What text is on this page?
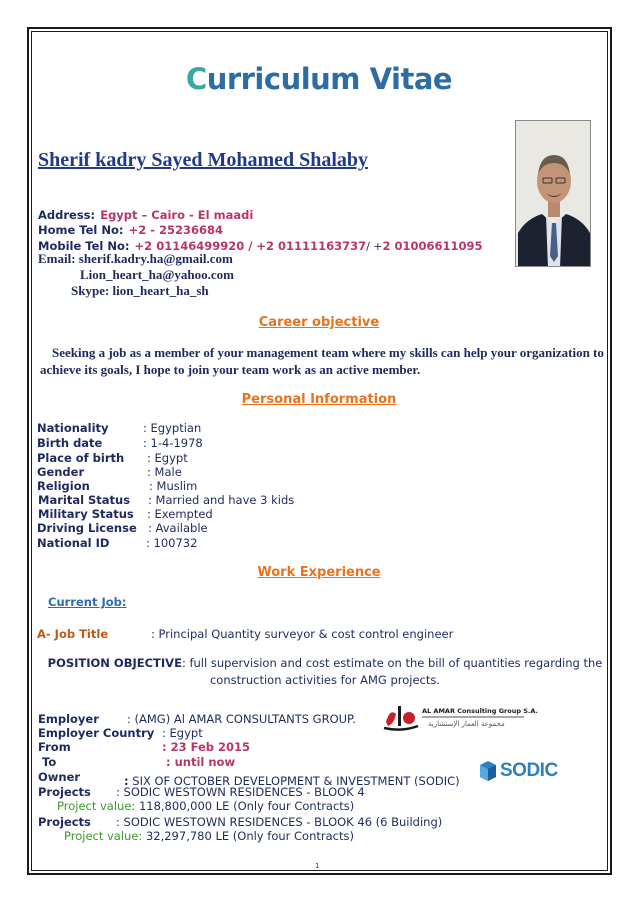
Curriculum Vitae
Sherif kadry Sayed Mohamed Shalaby
Address: Egypt – Cairo - El maadi
Home Tel No: +2 - 25236684
Mobile Tel No: +2 01146499920 / +2 01111163737/ +2 01006611095
Email: sherif.kadry.ha@gmail.com
Lion_heart_ha@yahoo.com
Skype: lion_heart_ha_sh
Career objective
Seeking a job as a member of your management team where my skills can help your organization to achieve its goals, I hope to join your team work as an active member.
Personal Information
Nationality	: Egyptian
Birth date	: 1-4-1978
Place of birth : Egypt
Gender	: Male
Religion	: Muslim
Marital Status : Married and have 3 kids
Military Status : Exempted
Driving License : Available
National ID	: 100732
Work Experience
Current Job:
A- Job Title	: Principal Quantity surveyor & cost control engineer
POSITION OBJECTIVE: full supervision and cost estimate on the bill of quantities regarding the construction activities for AMG projects.
Employer : (AMG) Al AMAR CONSULTANTS GROUP.
AL AMAR Consulting Group S.A.
مجموعة العمار الإستشارية
Employer Country : Egypt
From	: 23 Feb 2015
To	: until now
Owner	: SIX OF OCTOBER DEVELOPMENT & INVESTMENT (SODIC) SODIC
Projects : SODIC WESTOWN RESIDENCES - BLOOK 4
Project value: 118,800,000 LE (Only four Contracts)
Projects : SODIC WESTOWN RESIDENCES - BLOOK 46 (6 Building)
Project value: 32,297,780 LE (Only four Contracts)
1
